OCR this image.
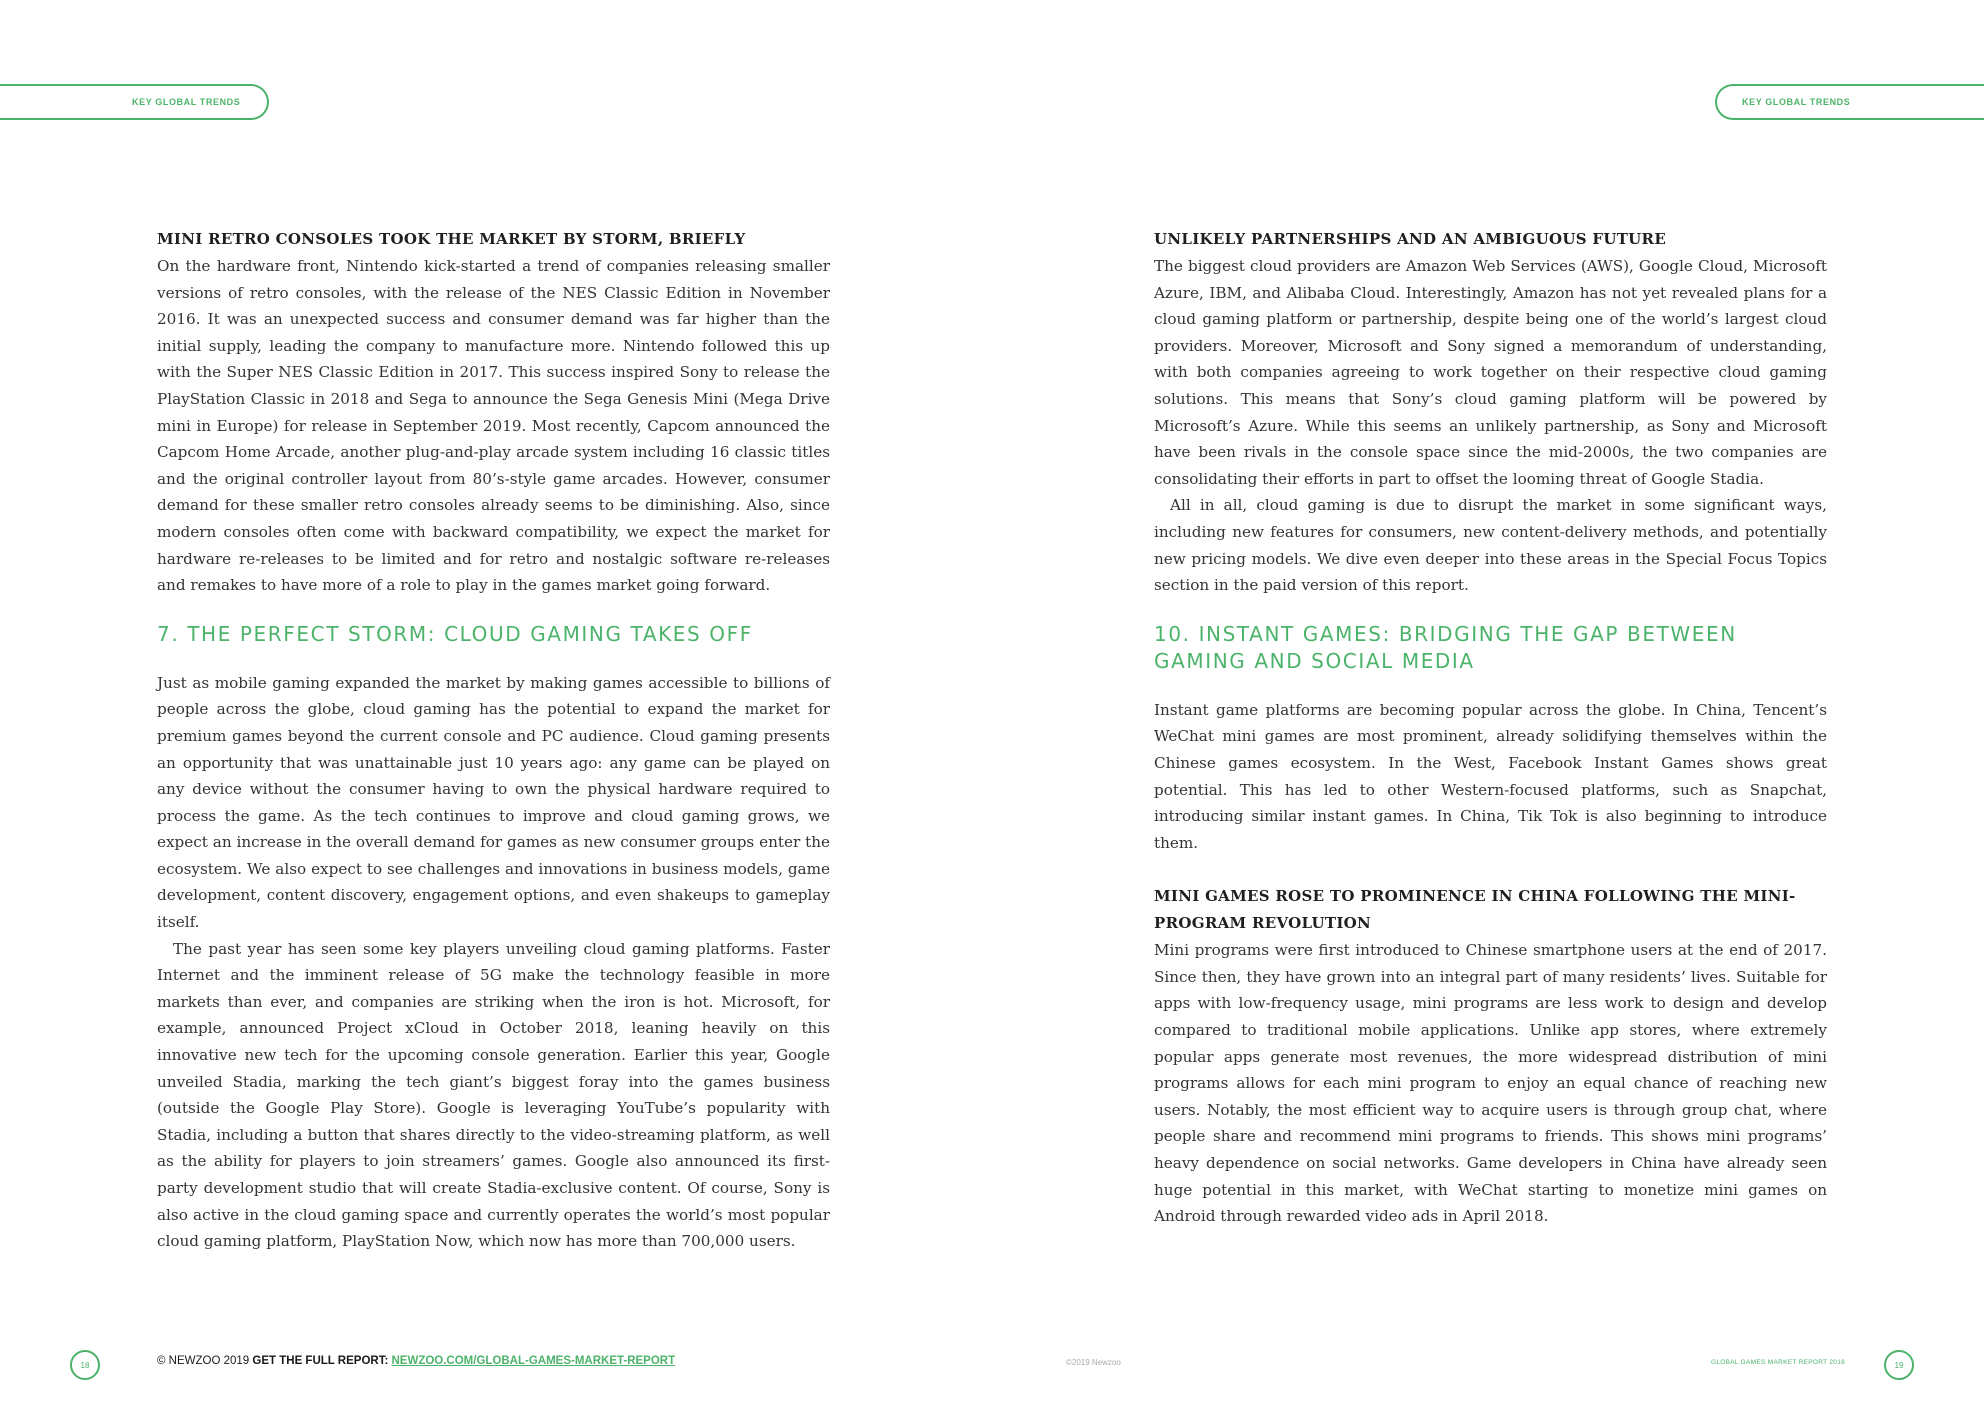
KEY GLOBAL TRENDS	KEY GLOBAL TRENDS
MINI RETRO CONSOLES TOOK THE MARKET BY STORM, BRIEFLY

On the hardware front, Nintendo kick-started a trend of companies releasing smaller versions of retro consoles, with the release of the NES Classic Edition in November 2016. It was an unexpected success and consumer demand was far higher than the initial supply, leading the company to manufacture more. Nintendo followed this up with the Super NES Classic Edition in 2017. This success inspired Sony to release the PlayStation Classic in 2018 and Sega to announce the Sega Genesis Mini (Mega Drive mini in Europe) for release in September 2019. Most recently, Capcom announced the Capcom Home Arcade, another plug-and-play arcade system including 16 classic titles and the original controller layout from 80’s-style game arcades. However, consumer demand for these smaller retro consoles already seems to be diminishing. Also, since modern consoles often come with backward compatibility, we expect the market for hardware re-releases to be limited and for retro and nostalgic software re-releases and remakes to have more of a role to play in the games market going forward.

7. THE PERFECT STORM: CLOUD GAMING TAKES OFF

Just as mobile gaming expanded the market by making games accessible to billions of people across the globe, cloud gaming has the potential to expand the market for premium games beyond the current console and PC audience. Cloud gaming presents an opportunity that was unattainable just 10 years ago: any game can be played on any device without the consumer having to own the physical hardware required to process the game. As the tech continues to improve and cloud gaming grows, we expect an increase in the overall demand for games as new consumer groups enter the ecosystem. We also expect to see challenges and innovations in business models, game development, content discovery, engagement options, and even shakeups to gameplay itself.

The past year has seen some key players unveiling cloud gaming platforms. Faster Internet and the imminent release of 5G make the technology feasible in more markets than ever, and companies are striking when the iron is hot. Microsoft, for example, announced Project xCloud in October 2018, leaning heavily on this innovative new tech for the upcoming console generation. Earlier this year, Google unveiled Stadia, marking the tech giant’s biggest foray into the games business (outside the Google Play Store). Google is leveraging YouTube’s popularity with Stadia, including a button that shares directly to the video-streaming platform, as well as the ability for players to join streamers’ games. Google also announced its first-party development studio that will create Stadia-exclusive content. Of course, Sony is also active in the cloud gaming space and currently operates the world’s most popular cloud gaming platform, PlayStation Now, which now has more than 700,000 users.

UNLIKELY PARTNERSHIPS AND AN AMBIGUOUS FUTURE

The biggest cloud providers are Amazon Web Services (AWS), Google Cloud, Microsoft Azure, IBM, and Alibaba Cloud. Interestingly, Amazon has not yet revealed plans for a cloud gaming platform or partnership, despite being one of the world’s largest cloud providers. Moreover, Microsoft and Sony signed a memorandum of understanding, with both companies agreeing to work together on their respective cloud gaming solutions. This means that Sony’s cloud gaming platform will be powered by Microsoft’s Azure. While this seems an unlikely partnership, as Sony and Microsoft have been rivals in the console space since the mid-2000s, the two companies are consolidating their efforts in part to offset the looming threat of Google Stadia.

All in all, cloud gaming is due to disrupt the market in some significant ways, including new features for consumers, new content-delivery methods, and potentially new pricing models. We dive even deeper into these areas in the Special Focus Topics section in the paid version of this report.

10. INSTANT GAMES: BRIDGING THE GAP BETWEEN GAMING AND SOCIAL MEDIA

Instant game platforms are becoming popular across the globe. In China, Tencent’s WeChat mini games are most prominent, already solidifying themselves within the Chinese games ecosystem. In the West, Facebook Instant Games shows great potential. This has led to other Western-focused platforms, such as Snapchat, introducing similar instant games. In China, Tik Tok is also beginning to introduce them.

MINI GAMES ROSE TO PROMINENCE IN CHINA FOLLOWING THE MINI-PROGRAM REVOLUTION

Mini programs were first introduced to Chinese smartphone users at the end of 2017. Since then, they have grown into an integral part of many residents’ lives. Suitable for apps with low-frequency usage, mini programs are less work to design and develop compared to traditional mobile applications. Unlike app stores, where extremely popular apps generate most revenues, the more widespread distribution of mini programs allows for each mini program to enjoy an equal chance of reaching new users. Notably, the most efficient way to acquire users is through group chat, where people share and recommend mini programs to friends. This shows mini programs’ heavy dependence on social networks. Game developers in China have already seen huge potential in this market, with WeChat starting to monetize mini games on Android through rewarded video ads in April 2018.

18	© NEWZOO 2019 GET THE FULL REPORT: NEWZOO.COM/GLOBAL-GAMES-MARKET-REPORT	©2019 Newzoo	GLOBAL GAMES MARKET REPORT 2018	19
